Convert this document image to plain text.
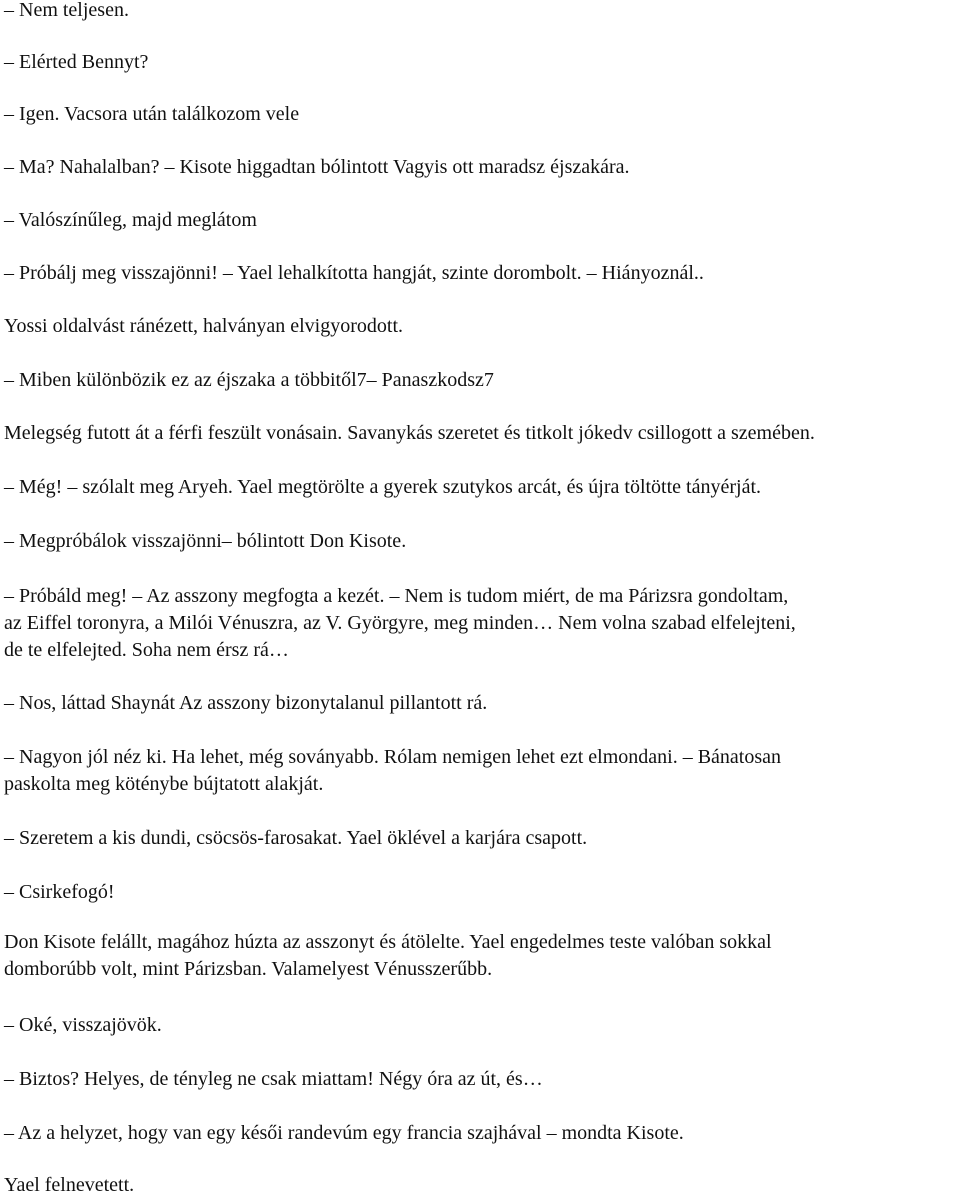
– Nem teljesen.

– Elérted Bennyt?

– Igen. Vacsora után találkozom vele

– Ma? Nahalalban? – Kisote higgadtan bólintott Vagyis ott maradsz éjszakára.

– Valószínűleg, majd meglátom

– Próbálj meg visszajönni! – Yael lehalkította hangját, szinte dorombolt. – Hiányoznál..

Yossi oldalvást ránézett, halványan elvigyorodott.

– Miben különbözik ez az éjszaka a többitől7– Panaszkodsz7

Melegség futott át a férfi feszült vonásain. Savanykás szeretet és titkolt jókedv csillogott a szemében.

– Még! – szólalt meg Aryeh. Yael megtörölte a gyerek szutykos arcát, és újra töltötte tányérját.

– Megpróbálok visszajönni– bólintott Don Kisote.

– Próbáld meg! – Az asszony megfogta a kezét. – Nem is tudom miért, de ma Párizsra gondoltam,
az Eiffel toronyra, a Milói Vénuszra, az V. Györgyre, meg minden… Nem volna szabad elfelejteni,
de te elfelejted. Soha nem érsz rá…

– Nos, láttad Shaynát Az asszony bizonytalanul pillantott rá.

– Nagyon jól néz ki. Ha lehet, még soványabb. Rólam nemigen lehet ezt elmondani. – Bánatosan
paskolta meg köténybe bújtatott alakját.

– Szeretem a kis dundi, csöcsös-farosakat. Yael öklével a karjára csapott.

– Csirkefogó!

Don Kisote felállt, magához húzta az asszonyt és átölelte. Yael engedelmes teste valóban sokkal
domborúbb volt, mint Párizsban. Valamelyest Vénusszerűbb.

– Oké, visszajövök.

– Biztos? Helyes, de tényleg ne csak miattam! Négy óra az út, és…

– Az a helyzet, hogy van egy késői randevúm egy francia szajhával – mondta Kisote.

Yael felnevetett.
